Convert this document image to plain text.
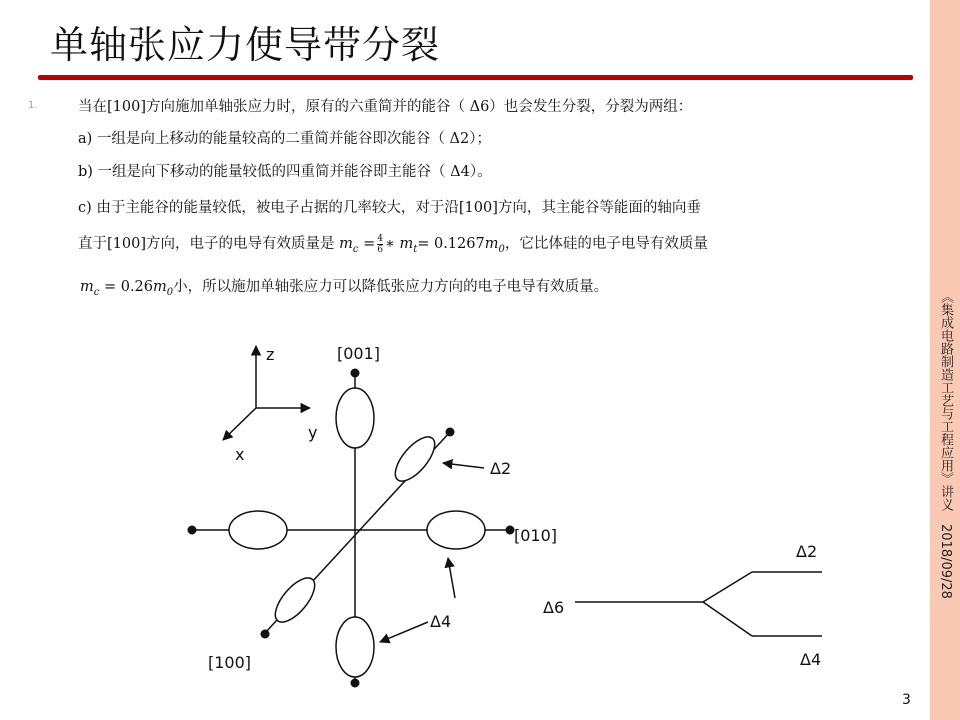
《集成电路制造工艺与工程应用》讲义　2018/09/28
单轴张应力使导带分裂
1.	当在[100]方向施加单轴张应力时，原有的六重简并的能谷（ Δ6）也会发生分裂，分裂为两组：
a) 一组是向上移动的能量较高的二重简并能谷即次能谷（ Δ2）；
b) 一组是向下移动的能量较低的四重简并能谷即主能谷（ Δ4）。
c) 由于主能谷的能量较低，被电子占据的几率较大，对于沿[100]方向，其主能谷等能面的轴向垂
直于[100]方向，电子的电导有效质量是 $m_c = \frac{4}{6}$ ∗ $m_t= 0.1267m_0$，它比体硅的电子电导有效质量
$m_c = 0.26m_0$小，所以施加单轴张应力可以降低张应力方向的电子电导有效质量。
z
y
x
[001]
[010]
[100]
Δ2
Δ4
Δ6
Δ2
Δ4
3
